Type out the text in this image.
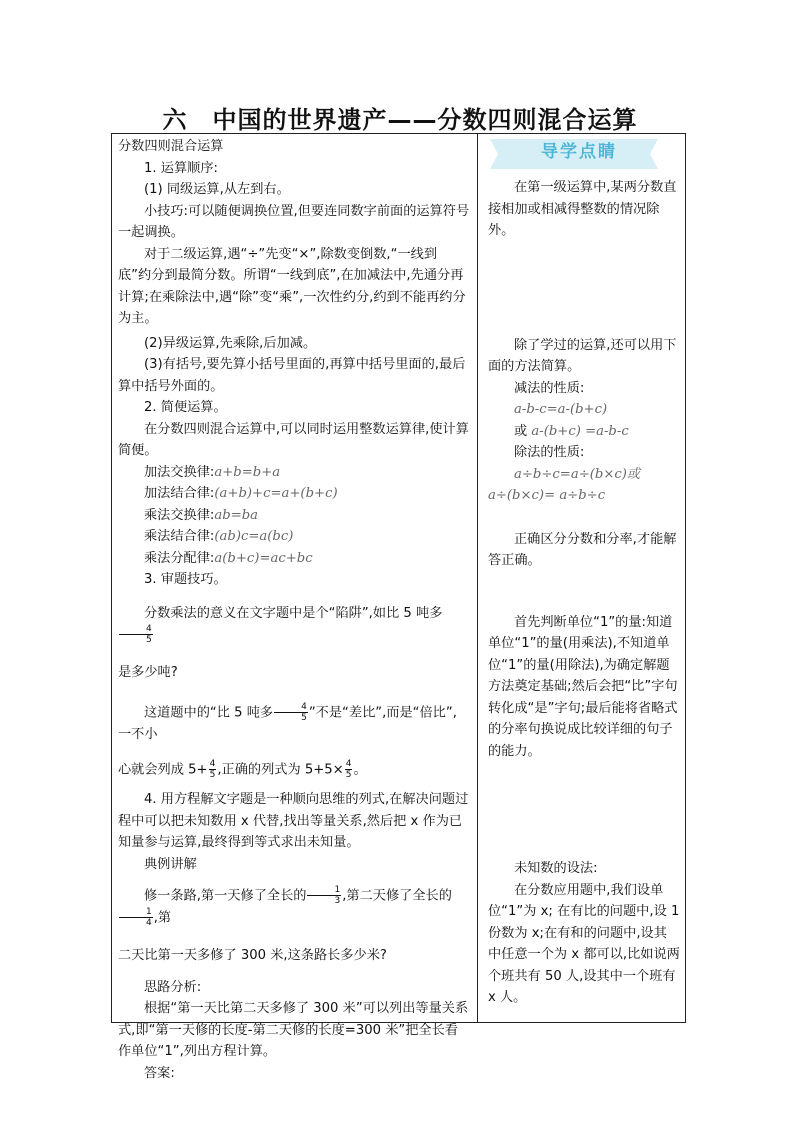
六　中国的世界遗产——分数四则混合运算

分数四则混合运算

1. 运算顺序:

(1) 同级运算,从左到右。

小技巧:可以随便调换位置,但要连同数字前面的运算符号一起调换。

对于二级运算,遇“÷”先变“×”,除数变倒数,“一线到底”约分到最简分数。所谓“一线到底”,在加减法中,先通分再计算;在乘除法中,遇“除”变“乘”,一次性约分,约到不能再约分为主。

(2)异级运算,先乘除,后加减。

(3)有括号,要先算小括号里面的,再算中括号里面的,最后算中括号外面的。

2. 简便运算。

在分数四则混合运算中,可以同时运用整数运算律,使计算简便。

加法交换律:a+b=b+a

加法结合律:(a+b)+c=a+(b+c)

乘法交换律:ab=ba

乘法结合律:(ab)c=a(bc)

乘法分配律:a(b+c)=ac+bc

3. 审题技巧。

分数乘法的意义在文字题中是个“陷阱”,如比 5 吨多
$\frac{4}{5}$

是多少吨?

这道题中的“比 5 吨多 $\frac{4}{5}$ ”不是“差比”,而是“倍比”,一不小

心就会列成 $5+ \frac{4}{5}$ ,正确的列式为 $5+5\times \frac{4}{5}$ 。

4. 用方程解文字题是一种顺向思维的列式,在解决问题过程中可以把未知数用 x 代替,找出等量关系,然后把 x 作为已知量参与运算,最终得到等式求出未知量。

典例讲解

修一条路,第一天修了全长的 $\frac{1}{3}$ ,第二天修了全长的
$\frac{1}{4}$ ,第

二天比第一天多修了 300 米,这条路长多少米?

思路分析:

根据“第一天比第二天多修了 300 米”可以列出等量关系式,即“第一天修的长度-第二天修的长度=300 米”把全长看作单位“1”,列出方程计算。

答案:

导学点睛

在第一级运算中,某两分数直接相加或相减得整数的情况除外。

除了学过的运算,还可以用下面的方法简算。

减法的性质:

a-b-c=a-(b+c)

或 a-(b+c) =a-b-c

除法的性质:

a÷b÷c=a÷(b×c)或

a÷(b×c)= a÷b÷c

正确区分分数和分率,才能解答正确。

首先判断单位“1”的量:知道单位“1”的量(用乘法),不知道单位“1”的量(用除法),为确定解题方法奠定基础;然后会把“比”字句转化成“是”字句;最后能将省略式的分率句换说成比较详细的句子的能力。

未知数的设法:

在分数应用题中,我们设单位“1”为 x; 在有比的问题中,设 1 份数为 x;在有和的问题中,设其中任意一个为 x 都可以,比如说两个班共有 50 人,设其中一个班有 x 人。
